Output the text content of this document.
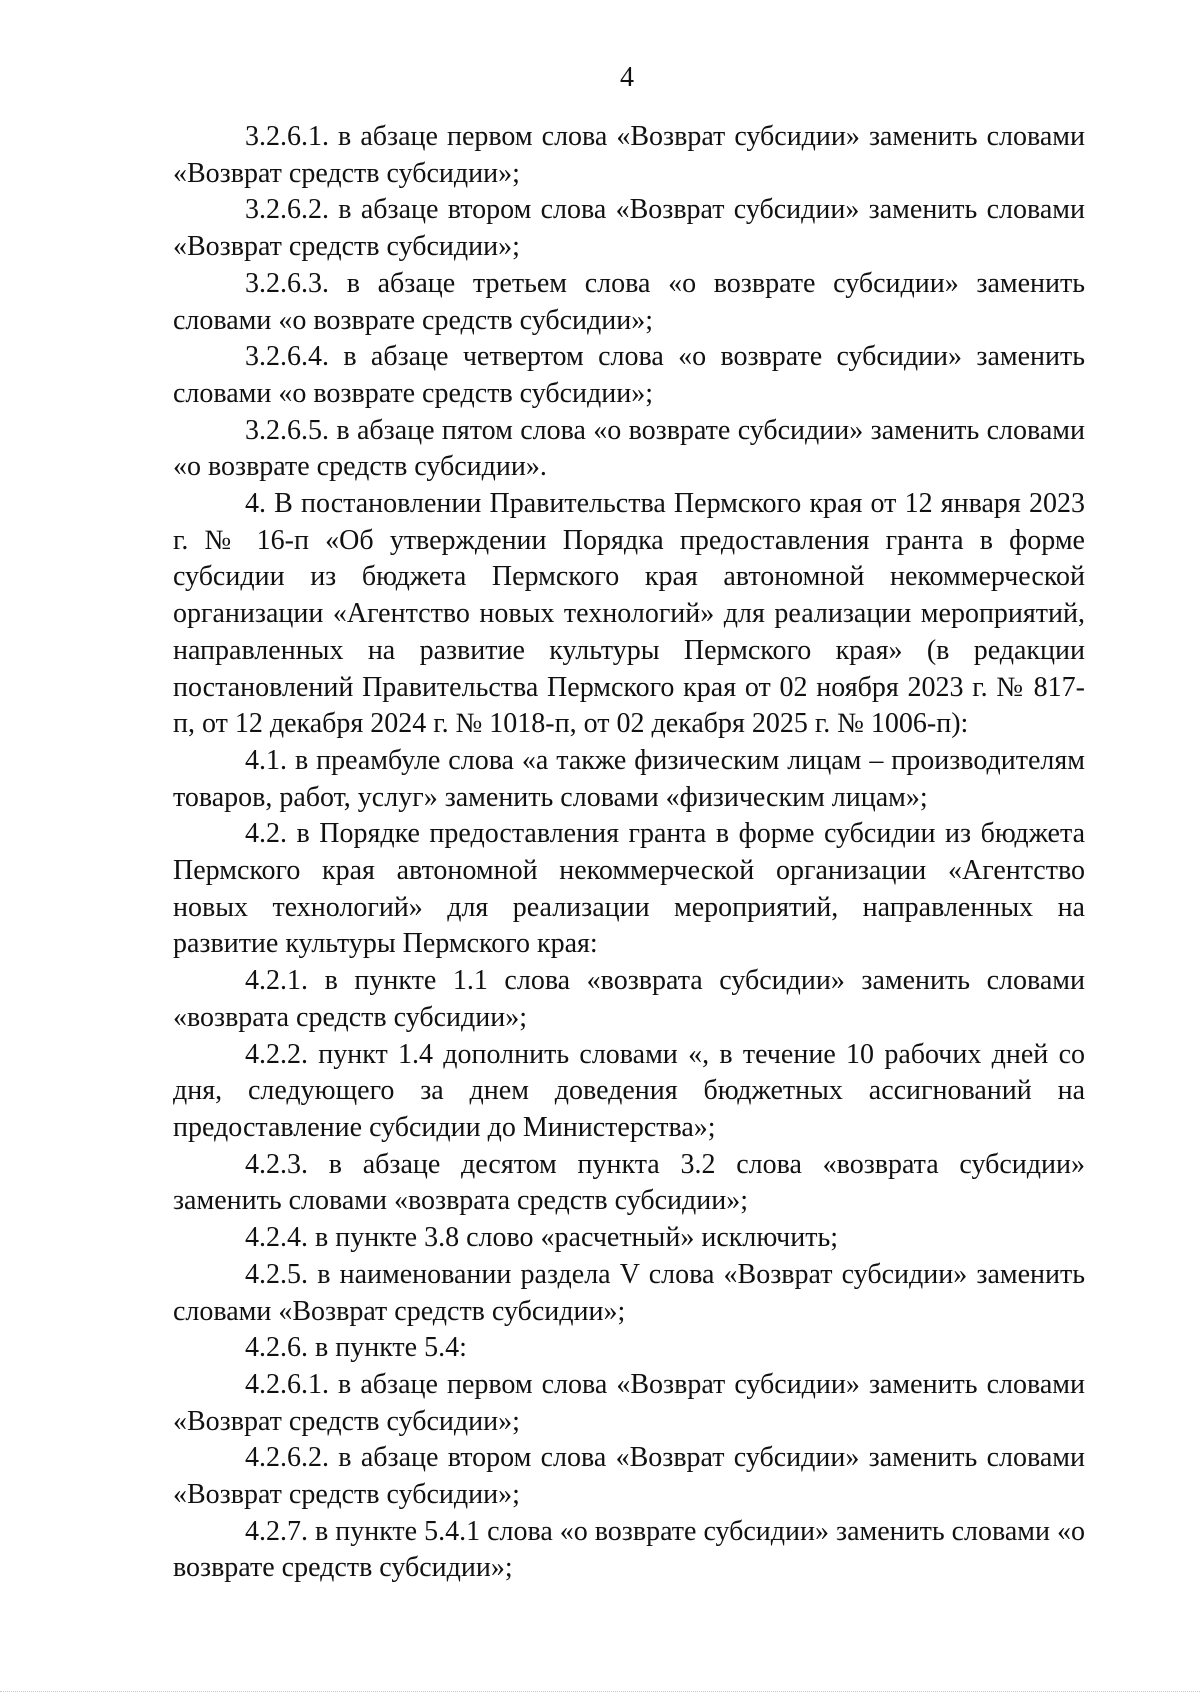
4

3.2.6.1. в абзаце первом слова «Возврат субсидии» заменить словами «Возврат средств субсидии»;

3.2.6.2. в абзаце втором слова «Возврат субсидии» заменить словами «Возврат средств субсидии»;

3.2.6.3. в абзаце третьем слова «о возврате субсидии» заменить словами «о возврате средств субсидии»;

3.2.6.4. в абзаце четвертом слова «о возврате субсидии» заменить словами «о возврате средств субсидии»;

3.2.6.5. в абзаце пятом слова «о возврате субсидии» заменить словами «о возврате средств субсидии».

4. В постановлении Правительства Пермского края от 12 января 2023 г. № 16-п «Об утверждении Порядка предоставления гранта в форме субсидии из бюджета Пермского края автономной некоммерческой организации «Агентство новых технологий» для реализации мероприятий, направленных на развитие культуры Пермского края» (в редакции постановлений Правительства Пермского края от 02 ноября 2023 г. № 817-п, от 12 декабря 2024 г. № 1018-п, от 02 декабря 2025 г. № 1006-п):

4.1. в преамбуле слова «а также физическим лицам – производителям товаров, работ, услуг» заменить словами «физическим лицам»;

4.2. в Порядке предоставления гранта в форме субсидии из бюджета Пермского края автономной некоммерческой организации «Агентство новых технологий» для реализации мероприятий, направленных на развитие культуры Пермского края:

4.2.1. в пункте 1.1 слова «возврата субсидии» заменить словами «возврата средств субсидии»;

4.2.2. пункт 1.4 дополнить словами «, в течение 10 рабочих дней со дня, следующего за днем доведения бюджетных ассигнований на предоставление субсидии до Министерства»;

4.2.3. в абзаце десятом пункта 3.2 слова «возврата субсидии» заменить словами «возврата средств субсидии»;

4.2.4. в пункте 3.8 слово «расчетный» исключить;

4.2.5. в наименовании раздела V слова «Возврат субсидии» заменить словами «Возврат средств субсидии»;

4.2.6. в пункте 5.4:

4.2.6.1. в абзаце первом слова «Возврат субсидии» заменить словами «Возврат средств субсидии»;

4.2.6.2. в абзаце втором слова «Возврат субсидии» заменить словами «Возврат средств субсидии»;

4.2.7. в пункте 5.4.1 слова «о возврате субсидии» заменить словами «о возврате средств субсидии»;
